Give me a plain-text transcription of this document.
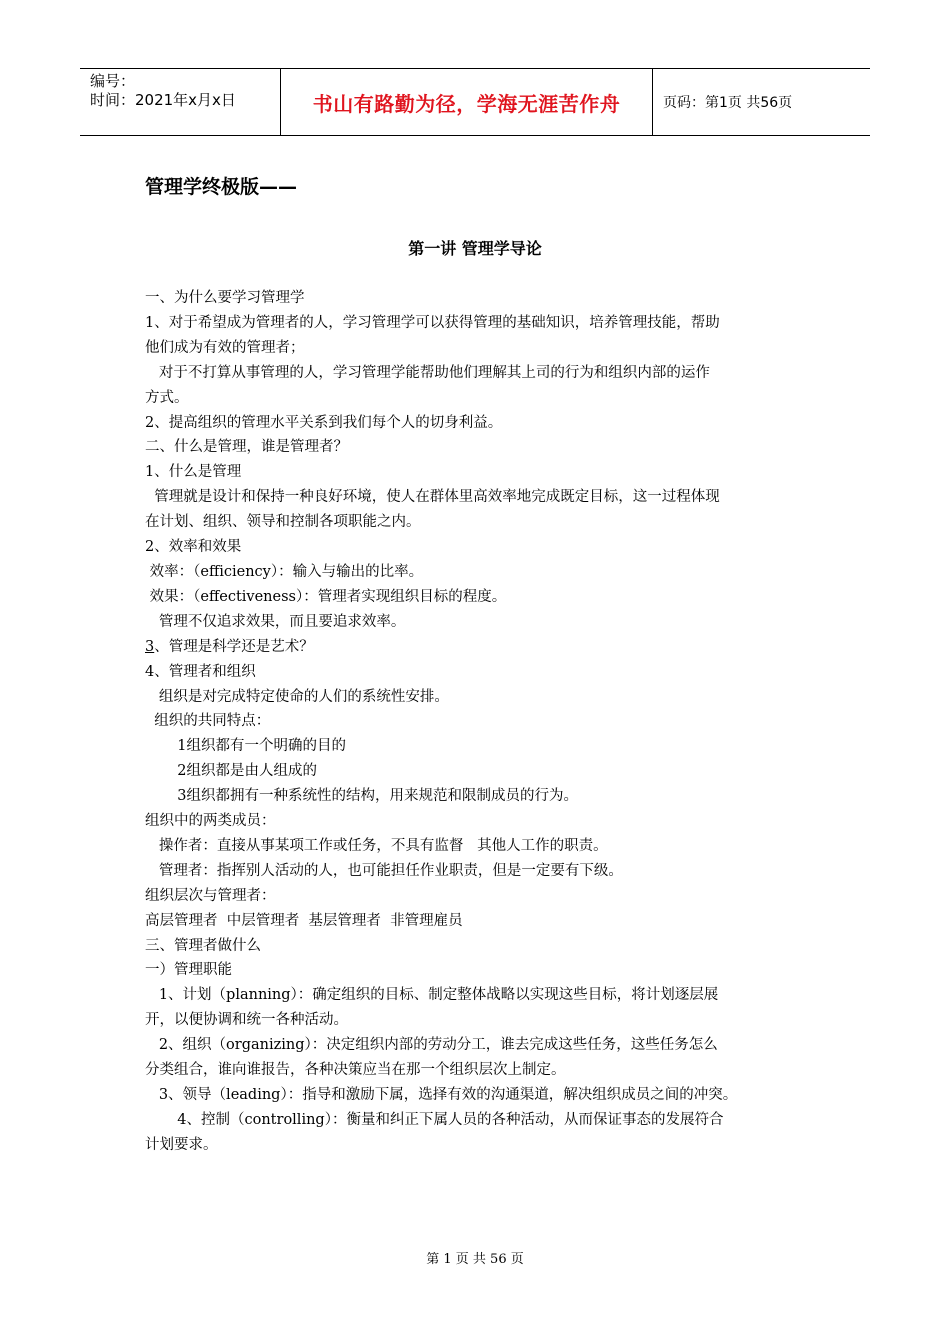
编号：
时间：2021年x月x日	书山有路勤为径，学海无涯苦作舟	页码：第1页 共56页
管理学终极版——
第一讲 管理学导论

一、为什么要学习管理学

1、对于希望成为管理者的人，学习管理学可以获得管理的基础知识，培养管理技能，帮助

他们成为有效的管理者；

对于不打算从事管理的人，学习管理学能帮助他们理解其上司的行为和组织内部的运作

方式。

2、提高组织的管理水平关系到我们每个人的切身利益。

二、什么是管理，谁是管理者？

1、什么是管理

管理就是设计和保持一种良好环境，使人在群体里高效率地完成既定目标，这一过程体现

在计划、组织、领导和控制各项职能之内。

2、效率和效果

效率：（efficiency）：输入与输出的比率。

效果：（effectiveness）：管理者实现组织目标的程度。

管理不仅追求效果，而且要追求效率。

3、管理是科学还是艺术？

4、管理者和组织

组织是对完成特定使命的人们的系统性安排。

组织的共同特点：

1组织都有一个明确的目的

2组织都是由人组成的

3组织都拥有一种系统性的结构，用来规范和限制成员的行为。

组织中的两类成员：

操作者：直接从事某项工作或任务，不具有监督   其他人工作的职责。

管理者：指挥别人活动的人，也可能担任作业职责，但是一定要有下级。

组织层次与管理者：

高层管理者  中层管理者  基层管理者  非管理雇员

三、管理者做什么

一）管理职能

1、计划（planning）：确定组织的目标、制定整体战略以实现这些目标，将计划逐层展

开，以便协调和统一各种活动。

2、组织（organizing）：决定组织内部的劳动分工，谁去完成这些任务，这些任务怎么

分类组合，谁向谁报告，各种决策应当在那一个组织层次上制定。

3、领导（leading）：指导和激励下属，选择有效的沟通渠道，解决组织成员之间的冲突。

4、控制（controlling）：衡量和纠正下属人员的各种活动，从而保证事态的发展符合

计划要求。

第 1 页 共 56 页
